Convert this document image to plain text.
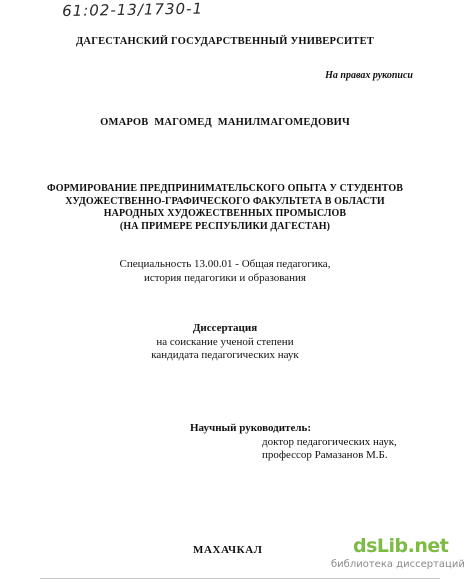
61:02-13/1730-1
ДАГЕСТАНСКИЙ ГОСУДАРСТВЕННЫЙ УНИВЕРСИТЕТ
На правах рукописи
ОМАРОВ МАГОМЕД МАНИЛМАГОМЕДОВИЧ
ФОРМИРОВАНИЕ ПРЕДПРИНИМАТЕЛЬСКОГО ОПЫТА У СТУДЕНТОВ
ХУДОЖЕСТВЕННО-ГРАФИЧЕСКОГО ФАКУЛЬТЕТА В ОБЛАСТИ
НАРОДНЫХ ХУДОЖЕСТВЕННЫХ ПРОМЫСЛОВ
(НА ПРИМЕРЕ РЕСПУБЛИКИ ДАГЕСТАН)
Специальность 13.00.01 - Общая педагогика,
история педагогики и образования
Диссертация
на соискание ученой степени
кандидата педагогических наук
Научный руководитель:
доктор педагогических наук,
профессор Рамазанов М.Б.
МАХАЧКАЛ	dsLib.net
библиотека диссертаций
